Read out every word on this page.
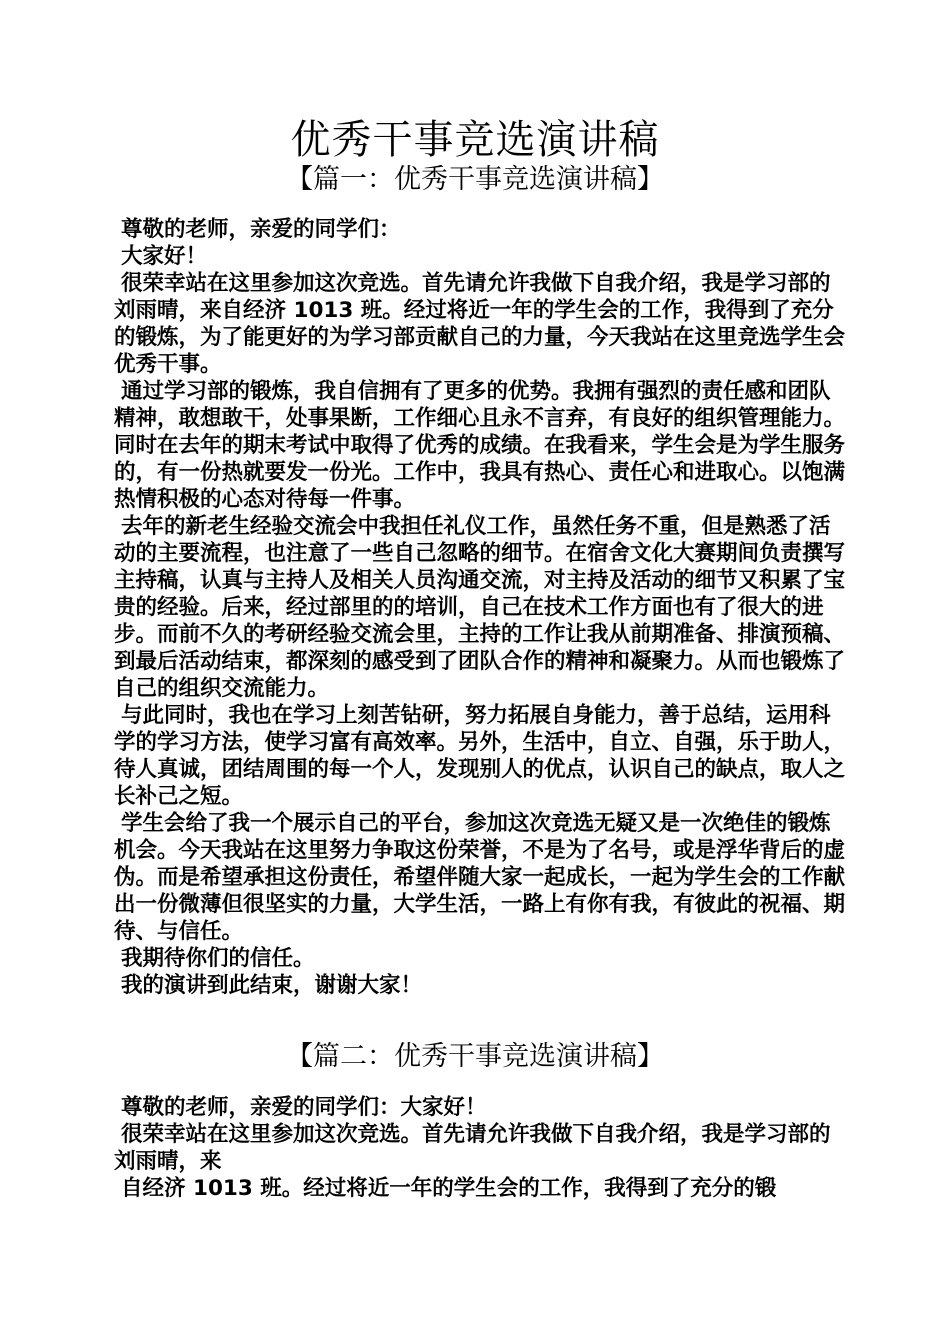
优秀干事竞选演讲稿
【篇一：优秀干事竞选演讲稿】

尊敬的老师，亲爱的同学们：

大家好！

很荣幸站在这里参加这次竞选。首先请允许我做下自我介绍，我是学习部的刘雨晴，来自经济 1013 班。经过将近一年的学生会的工作，我得到了充分的锻炼，为了能更好的为学习部贡献自己的力量，今天我站在这里竞选学生会优秀干事。

通过学习部的锻炼，我自信拥有了更多的优势。我拥有强烈的责任感和团队精神，敢想敢干，处事果断，工作细心且永不言弃，有良好的组织管理能力。同时在去年的期末考试中取得了优秀的成绩。在我看来，学生会是为学生服务的，有一份热就要发一份光。工作中，我具有热心、责任心和进取心。以饱满热情积极的心态对待每一件事。

去年的新老生经验交流会中我担任礼仪工作，虽然任务不重，但是熟悉了活动的主要流程，也注意了一些自己忽略的细节。在宿舍文化大赛期间负责撰写主持稿，认真与主持人及相关人员沟通交流，对主持及活动的细节又积累了宝贵的经验。后来，经过部里的的培训，自己在技术工作方面也有了很大的进步。而前不久的考研经验交流会里，主持的工作让我从前期准备、排演预稿、到最后活动结束，都深刻的感受到了团队合作的精神和凝聚力。从而也锻炼了自己的组织交流能力。

与此同时，我也在学习上刻苦钻研，努力拓展自身能力，善于总结，运用科学的学习方法，使学习富有高效率。另外，生活中，自立、自强，乐于助人，待人真诚，团结周围的每一个人，发现别人的优点，认识自己的缺点，取人之长补己之短。

学生会给了我一个展示自己的平台，参加这次竞选无疑又是一次绝佳的锻炼机会。今天我站在这里努力争取这份荣誉，不是为了名号，或是浮华背后的虚伪。而是希望承担这份责任，希望伴随大家一起成长，一起为学生会的工作献出一份微薄但很坚实的力量，大学生活，一路上有你有我，有彼此的祝福、期待、与信任。

我期待你们的信任。

我的演讲到此结束，谢谢大家！

【篇二：优秀干事竞选演讲稿】

尊敬的老师，亲爱的同学们：大家好！

很荣幸站在这里参加这次竞选。首先请允许我做下自我介绍，我是学习部的刘雨晴，来

自经济 1013 班。经过将近一年的学生会的工作，我得到了充分的锻
